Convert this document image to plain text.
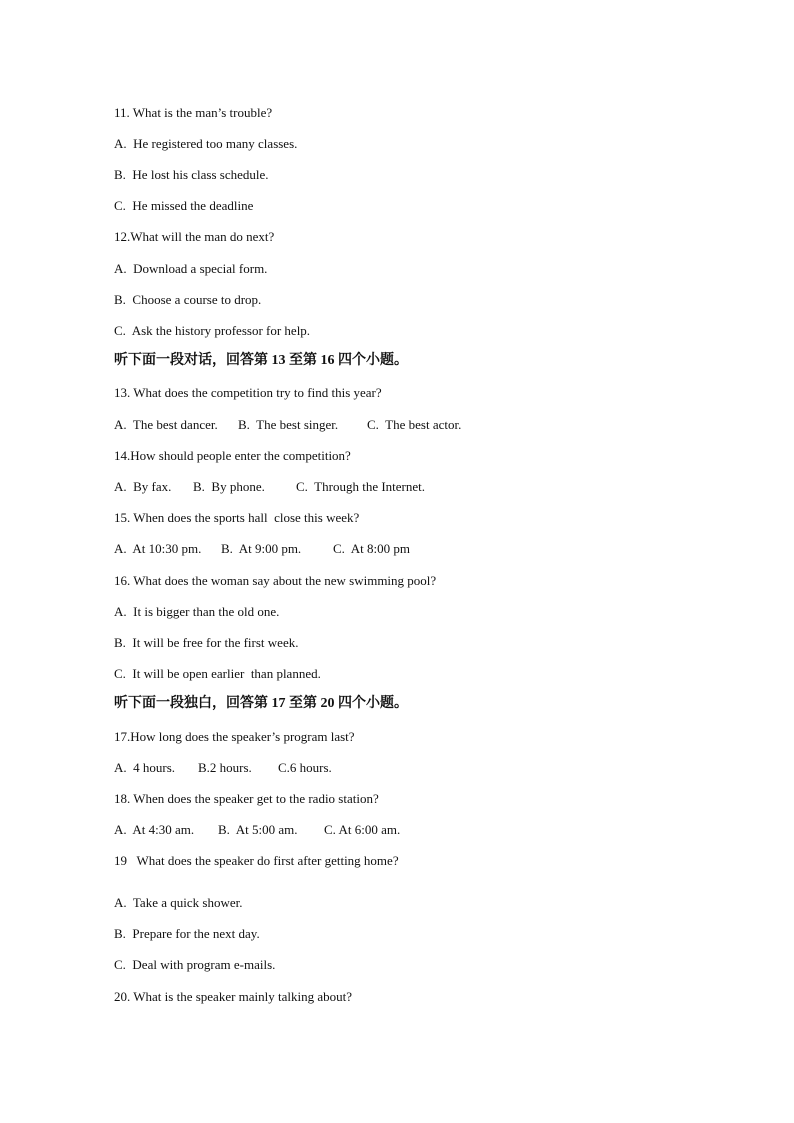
11. What is the man’s trouble?
A.  He registered too many classes.
B.  He lost his class schedule.
C.  He missed the deadline
12.What will the man do next?
A.  Download a special form.
B.  Choose a course to drop.
C.  Ask the history professor for help.
听下面一段对话，回答第 13 至第 16 四个小题。
13. What does the competition try to find this year?
A.  The best dancer. B.  The best singer. C.  The best actor.
14.How should people enter the competition?
A.  By fax. B.  By phone. C.  Through the Internet.
15. When does the sports hall  close this week?
A.  At 10:30 pm. B.  At 9:00 pm. C.  At 8:00 pm
16. What does the woman say about the new swimming pool?
A.  It is bigger than the old one.
B.  It will be free for the first week.
C.  It will be open earlier  than planned.
听下面一段独白，回答第 17 至第 20 四个小题。
17.How long does the speaker’s program last?
A.  4 hours. B.2 hours. C.6 hours.
18. When does the speaker get to the radio station?
A.  At 4:30 am. B.  At 5:00 am. C. At 6:00 am.
19   What does the speaker do first after getting home?
A.  Take a quick shower.
B.  Prepare for the next day.
C.  Deal with program e-mails.
20. What is the speaker mainly talking about?
